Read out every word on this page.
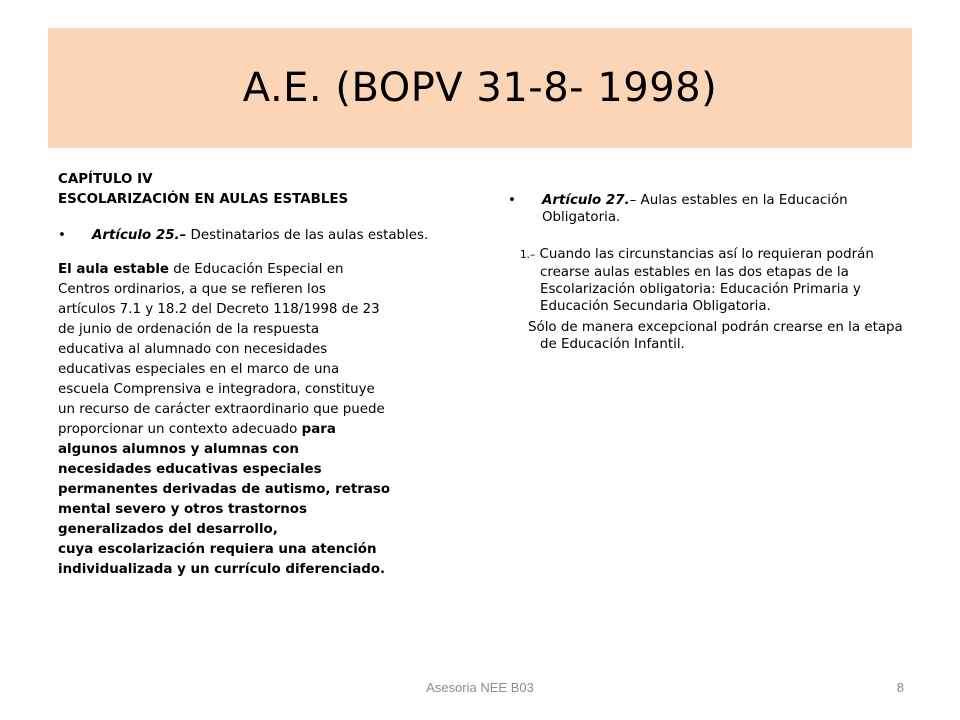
A.E. (BOPV 31-8- 1998)
CAPÍTULO IV
ESCOLARIZACIÓN EN AULAS ESTABLES
•	Artículo 25.– Destinatarios de las aulas estables.
El aula estable de Educación Especial en
Centros ordinarios, a que se refieren los
artículos 7.1 y 18.2 del Decreto 118/1998 de 23
de junio de ordenación de la respuesta
educativa al alumnado con necesidades
educativas especiales en el marco de una
escuela Comprensiva e integradora, constituye
un recurso de carácter extraordinario que puede
proporcionar un contexto adecuado para
algunos alumnos y alumnas con
necesidades educativas especiales
permanentes derivadas de autismo, retraso
mental severo y otros trastornos
generalizados del desarrollo,
cuya escolarización requiera una atención
individualizada y un currículo diferenciado.
•	Artículo 27.– Aulas estables en la Educación Obligatoria.
1.– Cuando las circunstancias así lo requieran podrán crearse aulas estables en las dos etapas de la Escolarización obligatoria: Educación Primaria y Educación Secundaria Obligatoria.
Sólo de manera excepcional podrán crearse en la etapa de Educación Infantil.
Asesoria NEE B03	8
